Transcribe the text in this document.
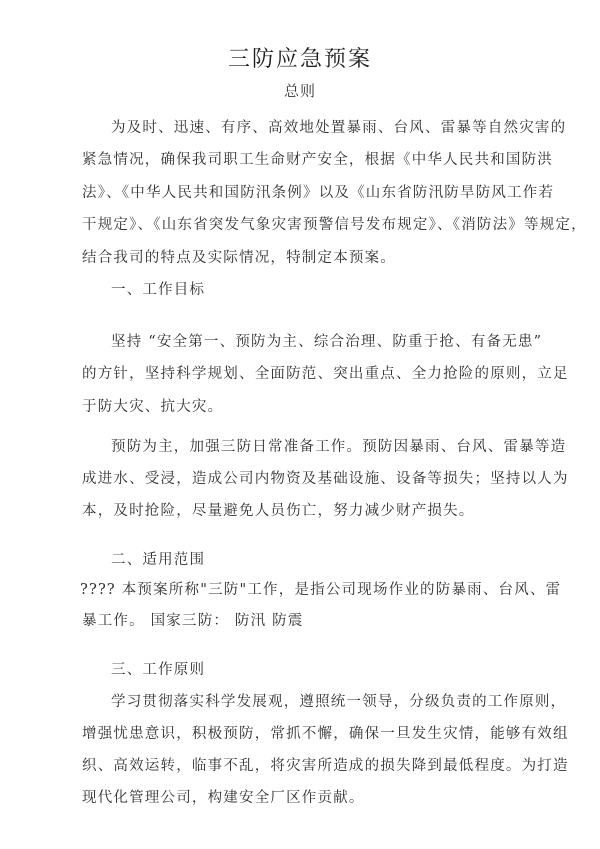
三防应急预案
总则
为及时、迅速、有序、高效地处置暴雨、台风、雷暴等自然灾害的
紧急情况，确保我司职工生命财产安全，根据《中华人民共和国防洪
法》、《中华人民共和国防汛条例》以及《山东省防汛防旱防风工作若
干规定》、《山东省突发气象灾害预警信号发布规定》、《消防法》等规定，
结合我司的特点及实际情况，特制定本预案。
一、工作目标
坚持 “安全第一、预防为主、综合治理、防重于抢、有备无患”
的方针，坚持科学规划、全面防范、突出重点、全力抢险的原则，立足
于防大灾、抗大灾。
预防为主，加强三防日常准备工作。预防因暴雨、台风、雷暴等造
成进水、受浸，造成公司内物资及基础设施、设备等损失；坚持以人为
本，及时抢险，尽量避免人员伤亡，努力减少财产损失。
二、适用范围
???? 本预案所称"三防"工作，是指公司现场作业的防暴雨、台风、雷
暴工作。 国家三防： 防汛 防震
三、工作原则
学习贯彻落实科学发展观，遵照统一领导，分级负责的工作原则，
增强忧患意识，积极预防，常抓不懈，确保一旦发生灾情，能够有效组
织、高效运转，临事不乱，将灾害所造成的损失降到最低程度。为打造
现代化管理公司，构建安全厂区作贡献。
